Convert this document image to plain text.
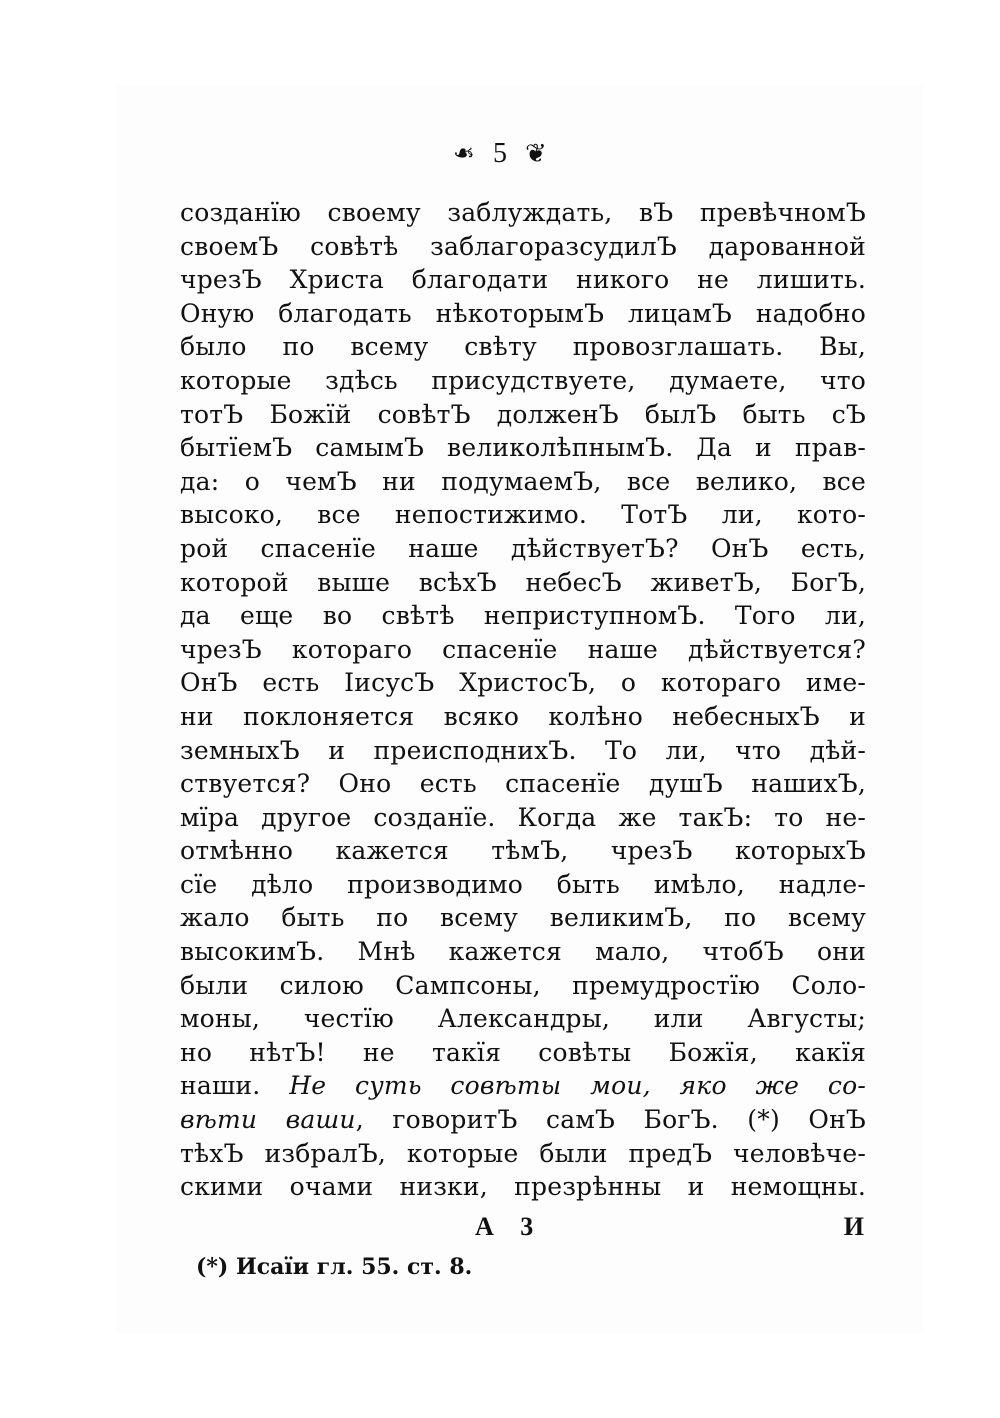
❧ 5 ❦
созданїю своему заблуждать, вЪ превѣчномЪ
своемЪ совѣтѣ заблагоразсудилЪ дарованной
чрезЪ Христа благодати никого не лишить.
Оную благодать нѣкоторымЪ лицамЪ надобно
было по всему свѣту провозглашать. Вы,
которые здѣсь присудствуете, думаете, что
тотЪ Божїй совѣтЪ долженЪ былЪ быть сЪ
бытїемЪ самымЪ великолѣпнымЪ. Да и прав-
да: о чемЪ ни подумаемЪ, все велико, все
высоко, все непостижимо. ТотЪ ли, кото-
рой спасенїе наше дѣйствуетЪ? ОнЪ есть,
которой выше всѣхЪ небесЪ живетЪ, БогЪ,
да еще во свѣтѣ неприступномЪ. Того ли,
чрезЪ котораго спасенїе наше дѣйствуется?
ОнЪ есть ІисусЪ ХристосЪ, о котораго име-
ни поклоняется всяко колѣно небесныхЪ и
земныхЪ и преисподнихЪ. То ли, что дѣй-
ствуется? Оно есть спасенїе душЪ нашихЪ,
мїра другое созданїе. Когда же такЪ: то не-
отмѣнно кажется тѣмЪ, чрезЪ которыхЪ
сїе дѣло производимо быть имѣло, надле-
жало быть по всему великимЪ, по всему
высокимЪ. Мнѣ кажется мало, чтобЪ они
были силою Сампсоны, премудростїю Соло-
моны, честїю Александры, или Августы;
но нѣтЪ! не такїя совѣты Божїя, какїя
наши. Не суть совѣты мои, яко же со-
вѣти ваши, говоритЪ самЪ БогЪ. (*) ОнЪ
тѣхЪ избралЪ, которые были предЪ человѣче-
скими очами низки, презрѣнны и немощны.
А 3	И
(*) Исаїи гл. 55. ст. 8.
